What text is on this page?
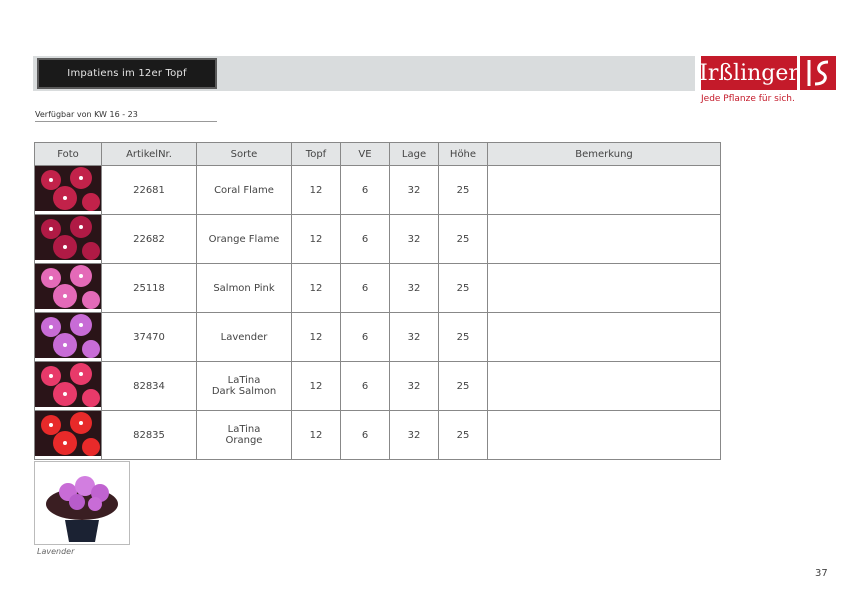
Impatiens im 12er Topf	Irßlinger
Jede Pflanze für sich.
Verfügbar von KW 16 - 23
Foto	ArtikelNr.	Sorte	Topf	VE	Lage	Höhe	Bemerkung
	22681	Coral Flame	12	6	32	25	
	22682	Orange Flame	12	6	32	25	
	25118	Salmon Pink	12	6	32	25	
	37470	Lavender	12	6	32	25	
	82834	LaTina
Dark Salmon	12	6	32	25	
	82835	LaTina
Orange	12	6	32	25	
Lavender
37
